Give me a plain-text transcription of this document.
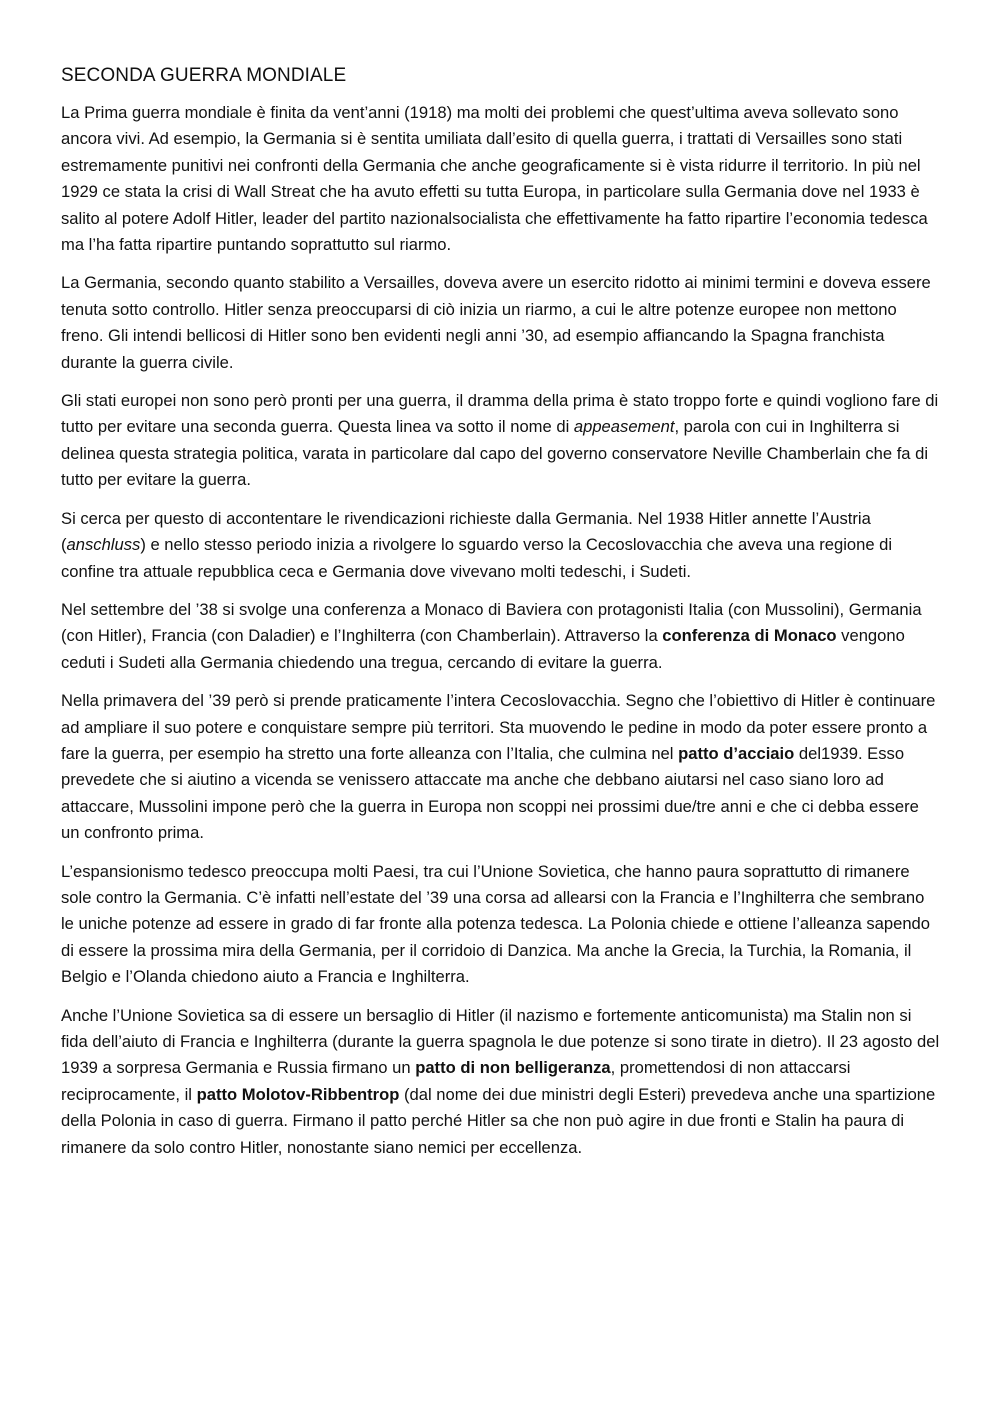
SECONDA GUERRA MONDIALE

La Prima guerra mondiale è finita da vent’anni (1918) ma molti dei problemi che quest’ultima aveva sollevato sono ancora vivi. Ad esempio, la Germania si è sentita umiliata dall’esito di quella guerra, i trattati di Versailles sono stati estremamente punitivi nei confronti della Germania che anche geograficamente si è vista ridurre il territorio. In più nel 1929 ce stata la crisi di Wall Streat che ha avuto effetti su tutta Europa, in particolare sulla Germania dove nel 1933 è salito al potere Adolf Hitler, leader del partito nazionalsocialista che effettivamente ha fatto ripartire l’economia tedesca ma l’ha fatta ripartire puntando soprattutto sul riarmo.

La Germania, secondo quanto stabilito a Versailles, doveva avere un esercito ridotto ai minimi termini e doveva essere tenuta sotto controllo. Hitler senza preoccuparsi di ciò inizia un riarmo, a cui le altre potenze europee non mettono freno. Gli intendi bellicosi di Hitler sono ben evidenti negli anni ’30, ad esempio affiancando la Spagna franchista durante la guerra civile.

Gli stati europei non sono però pronti per una guerra, il dramma della prima è stato troppo forte e quindi vogliono fare di tutto per evitare una seconda guerra. Questa linea va sotto il nome di appeasement, parola con cui in Inghilterra si delinea questa strategia politica, varata in particolare dal capo del governo conservatore Neville Chamberlain che fa di tutto per evitare la guerra.

Si cerca per questo di accontentare le rivendicazioni richieste dalla Germania. Nel 1938 Hitler annette l’Austria (anschluss) e nello stesso periodo inizia a rivolgere lo sguardo verso la Cecoslovacchia che aveva una regione di confine tra attuale repubblica ceca e Germania dove vivevano molti tedeschi, i Sudeti.

Nel settembre del ’38 si svolge una conferenza a Monaco di Baviera con protagonisti Italia (con Mussolini), Germania (con Hitler), Francia (con Daladier) e l’Inghilterra (con Chamberlain). Attraverso la conferenza di Monaco vengono ceduti i Sudeti alla Germania chiedendo una tregua, cercando di evitare la guerra.

Nella primavera del ’39 però si prende praticamente l’intera Cecoslovacchia. Segno che l’obiettivo di Hitler è continuare ad ampliare il suo potere e conquistare sempre più territori. Sta muovendo le pedine in modo da poter essere pronto a fare la guerra, per esempio ha stretto una forte alleanza con l’Italia, che culmina nel patto d’acciaio del1939. Esso prevedete che si aiutino a vicenda se venissero attaccate ma anche che debbano aiutarsi nel caso siano loro ad attaccare, Mussolini impone però che la guerra in Europa non scoppi nei prossimi due/tre anni e che ci debba essere un confronto prima.

L’espansionismo tedesco preoccupa molti Paesi, tra cui l’Unione Sovietica, che hanno paura soprattutto di rimanere sole contro la Germania. C’è infatti nell’estate del ’39 una corsa ad allearsi con la Francia e l’Inghilterra che sembrano le uniche potenze ad essere in grado di far fronte alla potenza tedesca. La Polonia chiede e ottiene l’alleanza sapendo di essere la prossima mira della Germania, per il corridoio di Danzica. Ma anche la Grecia, la Turchia, la Romania, il Belgio e l’Olanda chiedono aiuto a Francia e Inghilterra.

Anche l’Unione Sovietica sa di essere un bersaglio di Hitler (il nazismo e fortemente anticomunista) ma Stalin non si fida dell’aiuto di Francia e Inghilterra (durante la guerra spagnola le due potenze si sono tirate in dietro). Il 23 agosto del 1939 a sorpresa Germania e Russia firmano un patto di non belligeranza, promettendosi di non attaccarsi reciprocamente, il patto Molotov-Ribbentrop (dal nome dei due ministri degli Esteri) prevedeva anche una spartizione della Polonia in caso di guerra. Firmano il patto perché Hitler sa che non può agire in due fronti e Stalin ha paura di rimanere da solo contro Hitler, nonostante siano nemici per eccellenza.
